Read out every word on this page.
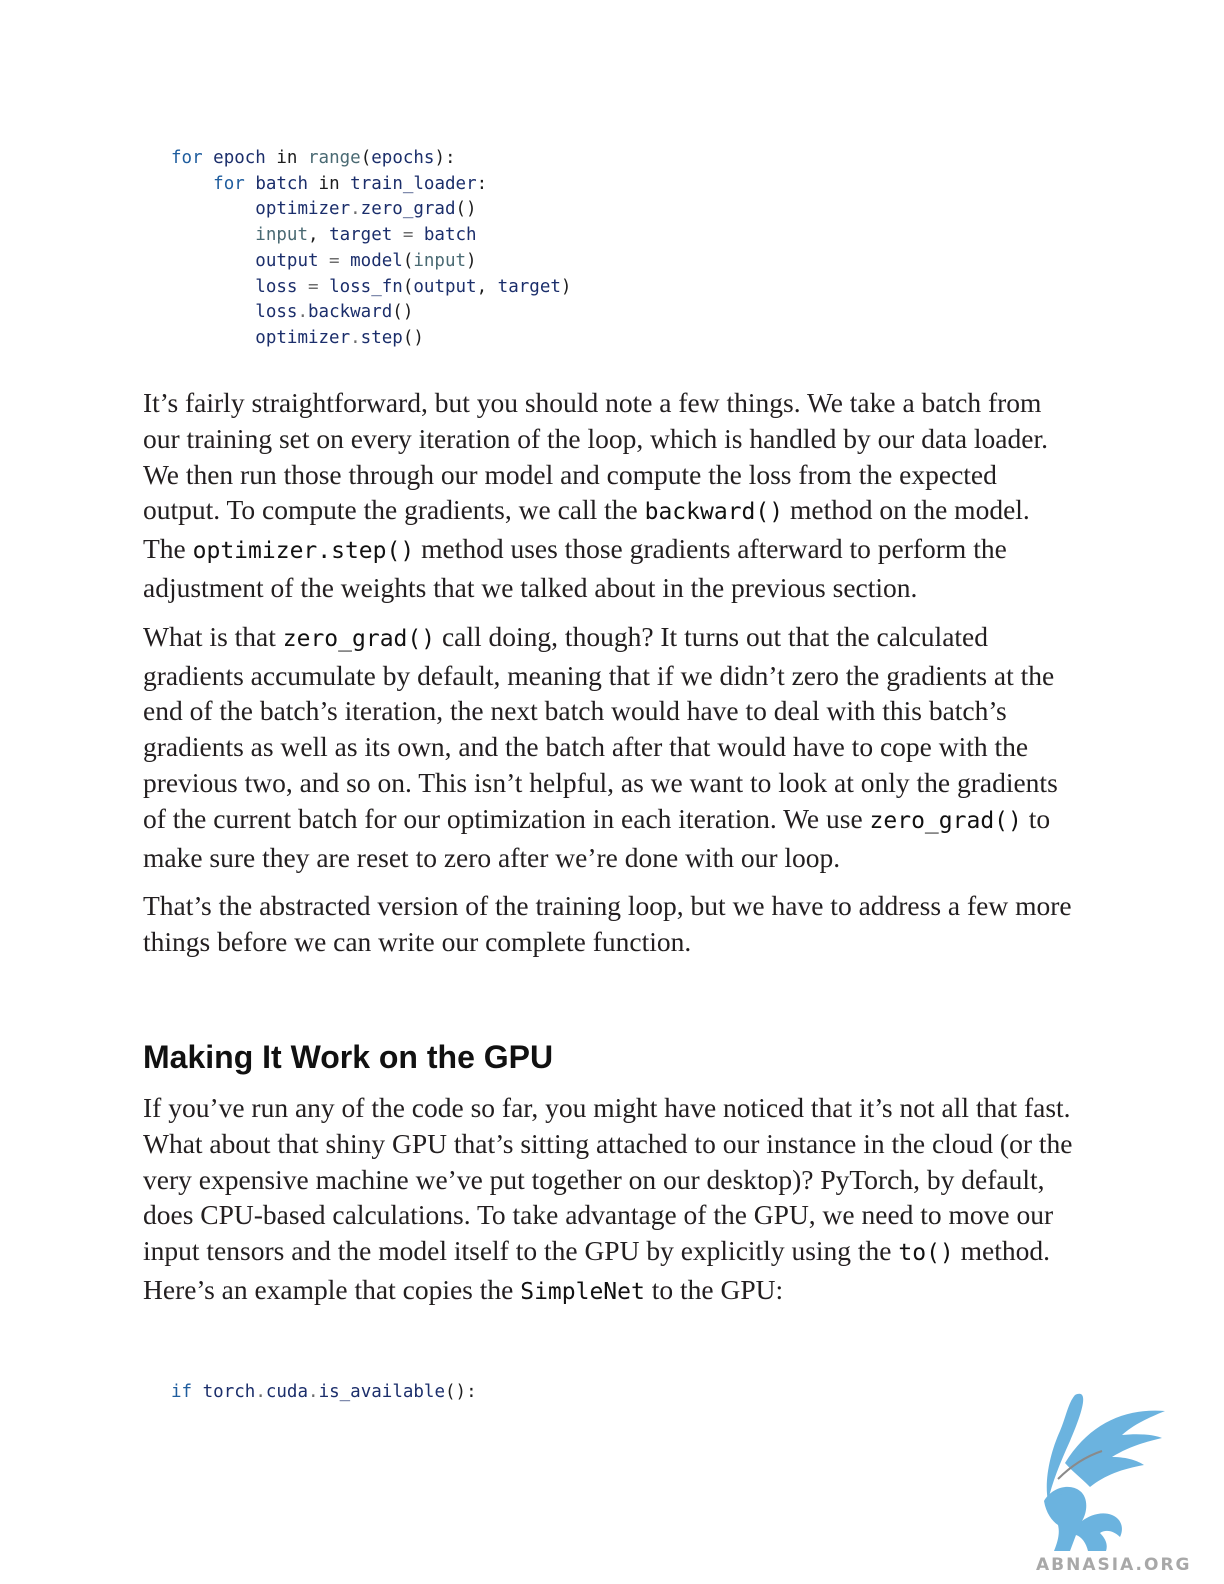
for epoch in range(epochs):
for batch in train_loader:
optimizer.zero_grad()
input, target = batch
output = model(input)
loss = loss_fn(output, target)
loss.backward()
optimizer.step()

It’s fairly straightforward, but you should note a few things. We take a batch from our training set on every iteration of the loop, which is handled by our data loader. We then run those through our model and compute the loss from the expected output. To compute the gradients, we call the backward() method on the model. The optimizer.step() method uses those gradients afterward to perform the adjustment of the weights that we talked about in the previous section.

What is that zero_grad() call doing, though? It turns out that the calculated gradients accumulate by default, meaning that if we didn’t zero the gradients at the end of the batch’s iteration, the next batch would have to deal with this batch’s gradients as well as its own, and the batch after that would have to cope with the previous two, and so on. This isn’t helpful, as we want to look at only the gradients of the current batch for our optimization in each iteration. We use zero_grad() to make sure they are reset to zero after we’re done with our loop.

That’s the abstracted version of the training loop, but we have to address a few more things before we can write our complete function.

Making It Work on the GPU

If you’ve run any of the code so far, you might have noticed that it’s not all that fast. What about that shiny GPU that’s sitting attached to our instance in the cloud (or the very expensive machine we’ve put together on our desktop)? PyTorch, by default, does CPU-based calculations. To take advantage of the GPU, we need to move our input tensors and the model itself to the GPU by explicitly using the to() method. Here’s an example that copies the SimpleNet to the GPU:

if torch.cuda.is_available():
ABNASIA.ORG
